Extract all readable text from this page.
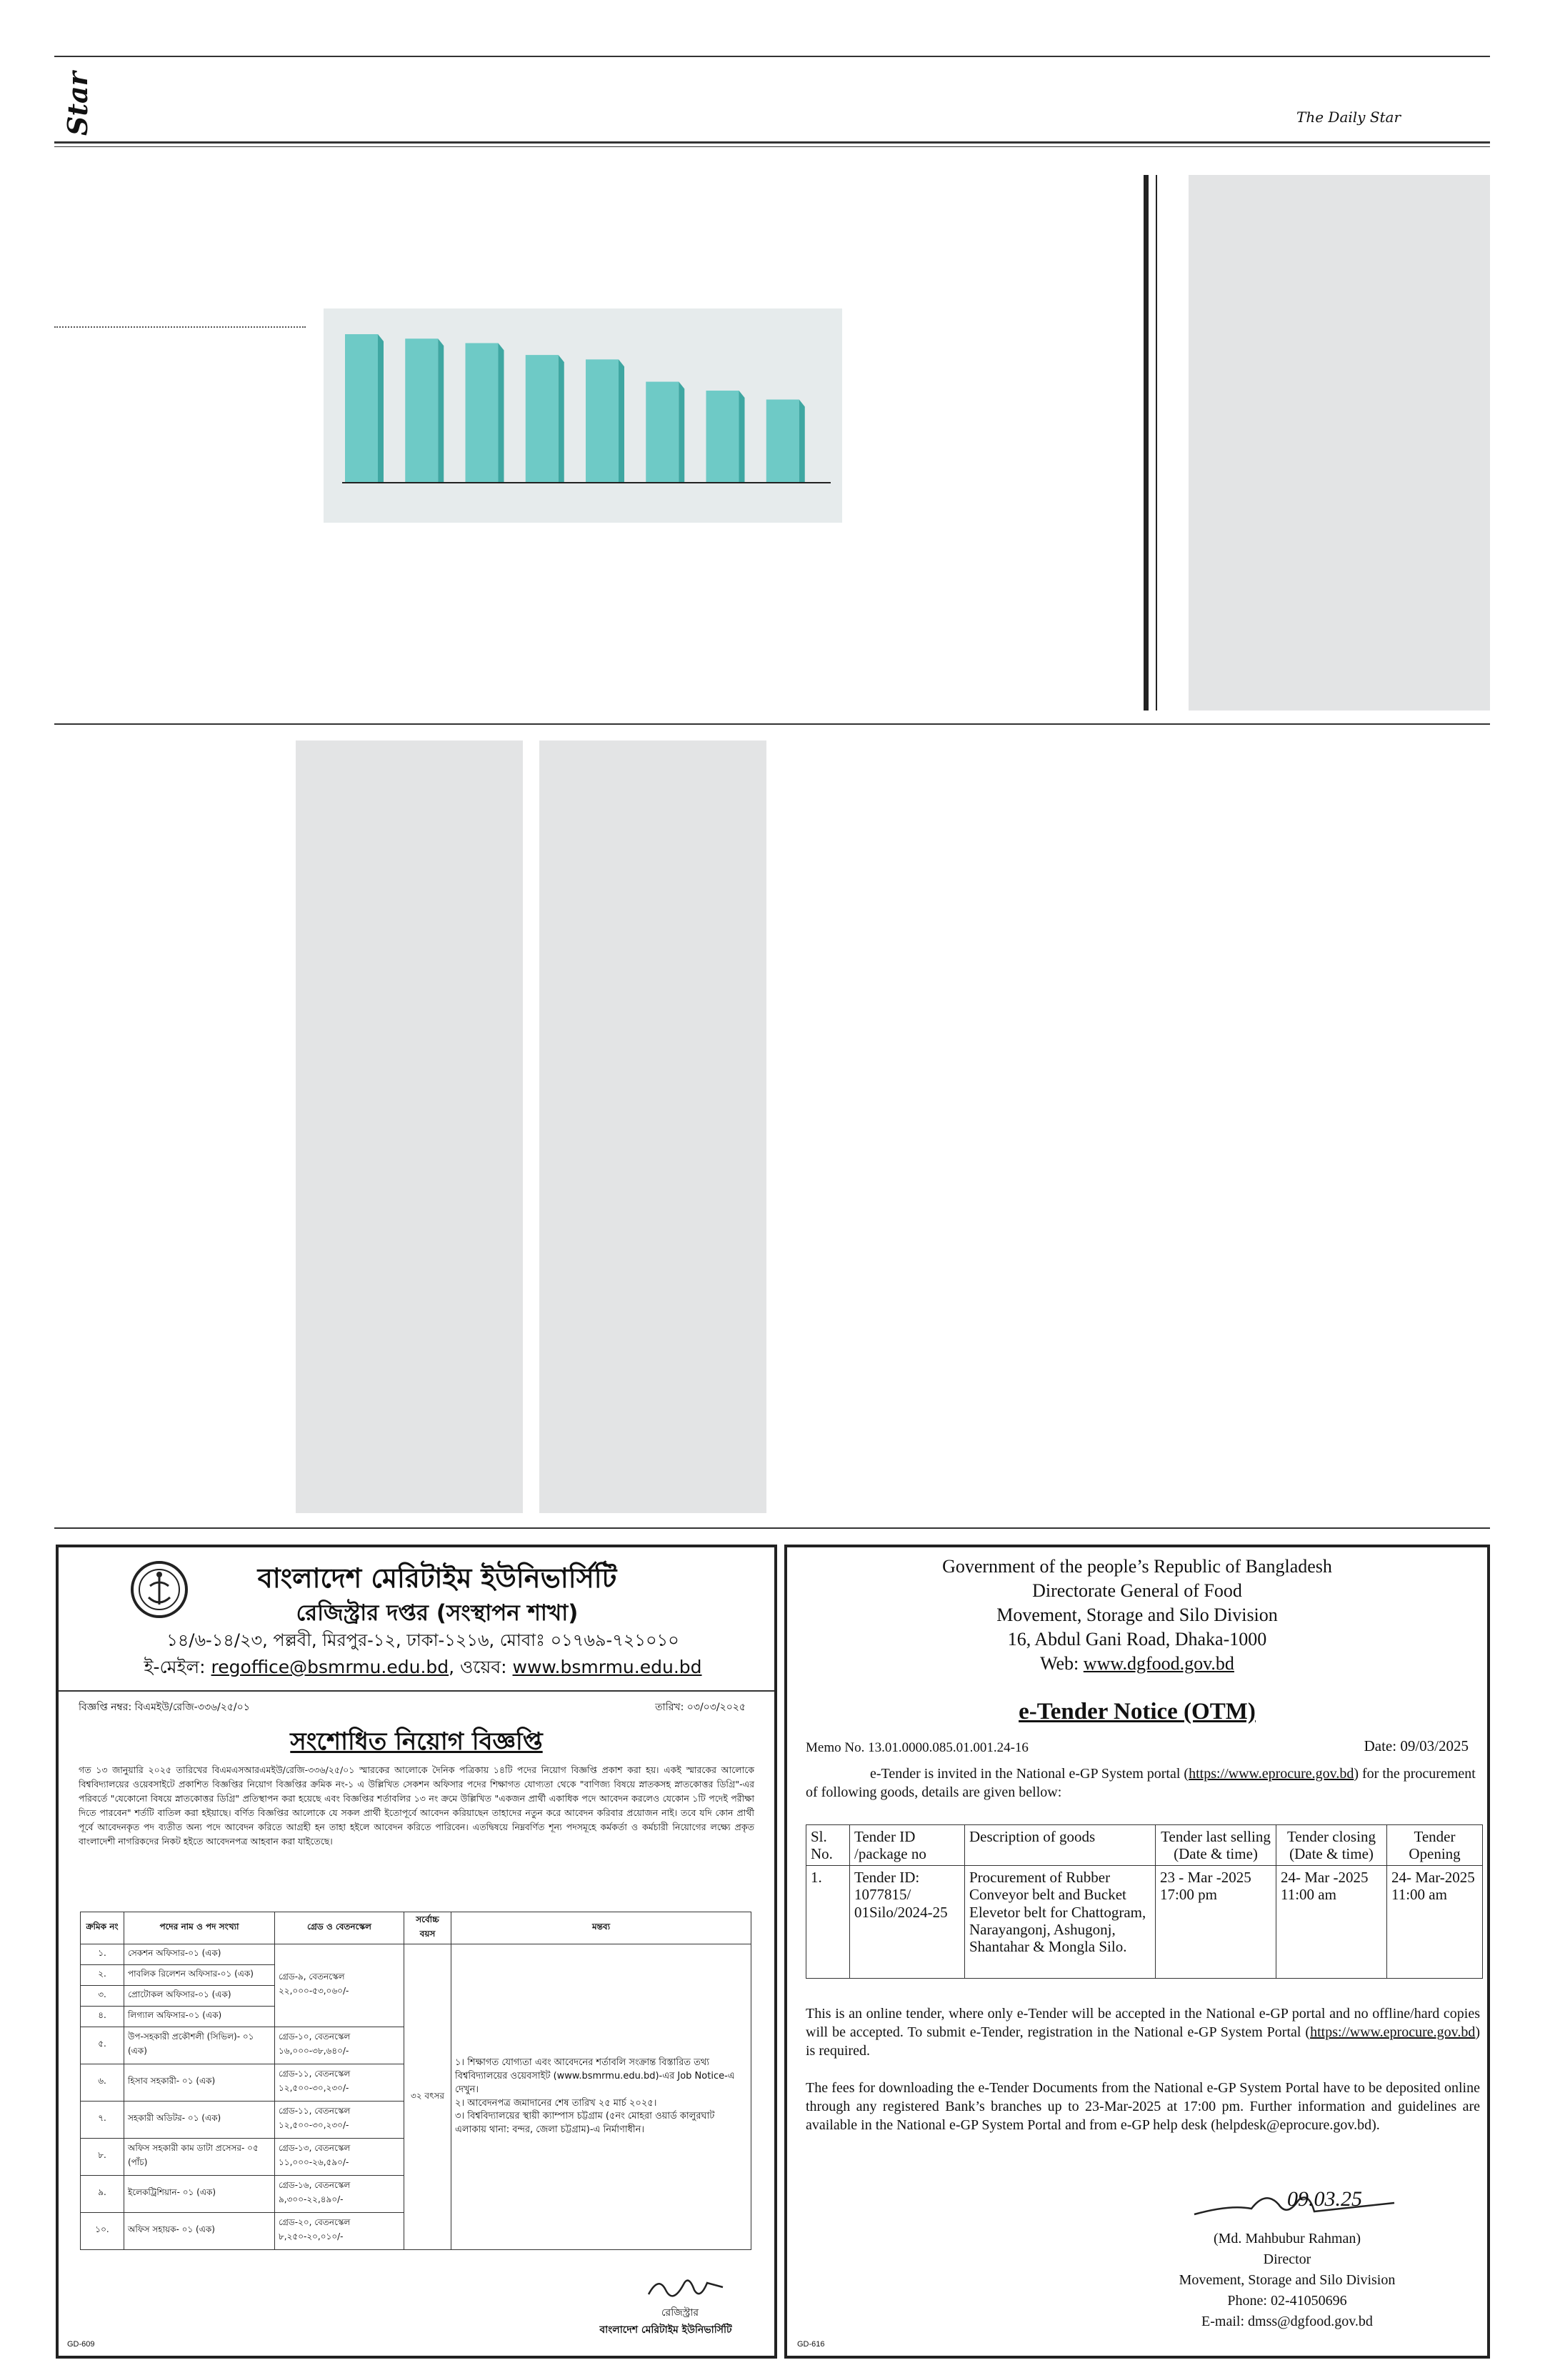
Star	The Daily Star
বাংলাদেশ মেরিটাইম ইউনিভার্সিটি
রেজিস্ট্রার দপ্তর (সংস্থাপন শাখা)
১৪/৬-১৪/২৩, পল্লবী, মিরপুর-১২, ঢাকা-১২১৬, মোবাঃ ০১৭৬৯-৭২১০১০
ই-মেইল: regoffice@bsmrmu.edu.bd, ওয়েব: www.bsmrmu.edu.bd
বিজ্ঞপ্তি নম্বর: বিএমইউ/রেজি-৩৩৬/২৫/০১	তারিখ: ০৩/০৩/২০২৫
সংশোধিত নিয়োগ বিজ্ঞপ্তি
গত ১৩ জানুয়ারি ২০২৫ তারিখের বিএমএসআরএমইউ/রেজি-৩৩৬/২৫/০১ স্মারকের আলোকে দৈনিক পত্রিকায় ১৪টি পদের নিয়োগ বিজ্ঞপ্তি প্রকাশ করা হয়। একই স্মারকের আলোকে বিশ্ববিদ্যালয়ের ওয়েবসাইটে প্রকাশিত বিজ্ঞপ্তির নিয়োগ বিজ্ঞপ্তির ক্রমিক নং-১ এ উল্লিখিত সেকশন অফিসার পদের শিক্ষাগত যোগ্যতা থেকে "বাণিজ্য বিষয়ে স্নাতকসহ স্নাতকোত্তর ডিগ্রি"-এর পরিবর্তে "যেকোনো বিষয়ে স্নাতকোত্তর ডিগ্রি" প্রতিস্থাপন করা হয়েছে এবং বিজ্ঞপ্তির শর্তাবলির ১৩ নং ক্রমে উল্লিখিত "একজন প্রার্থী একাধিক পদে আবেদন করলেও যেকোন ১টি পদেই পরীক্ষা দিতে পারবেন" শর্তটি বাতিল করা হইয়াছে। বর্ণিত বিজ্ঞপ্তির আলোকে যে সকল প্রার্থী ইতোপূর্বে আবেদন করিয়াছেন তাহাদের নতুন করে আবেদন করিবার প্রয়োজন নাই। তবে যদি কোন প্রার্থী পূর্বে আবেদনকৃত পদ ব্যতীত অন্য পদে আবেদন করিতে আগ্রহী হন তাহা হইলে আবেদন করিতে পারিবেন। এতদ্বিষয়ে নিম্নবর্ণিত শূন্য পদসমূহে কর্মকর্তা ও কর্মচারী নিয়োগের লক্ষ্যে প্রকৃত বাংলাদেশী নাগরিকদের নিকট হইতে আবেদনপত্র আহবান করা যাইতেছে।
ক্রমিক নং	পদের নাম ও পদ সংখ্যা	গ্রেড ও বেতনস্কেল	সর্বোচ্চ বয়স	মন্তব্য
১.	সেকশন অফিসার-০১ (এক)	গ্রেড-৯, বেতনস্কেল ২২,০০০-৫৩,০৬০/-	৩২ বৎসর	১। শিক্ষাগত যোগ্যতা এবং আবেদনের শর্তাবলি সংক্রান্ত বিস্তারিত তথ্য বিশ্ববিদ্যালয়ের ওয়েবসাইট (www.bsmrmu.edu.bd)-এর Job Notice-এ দেখুন।
২। আবেদনপত্র জমাদানের শেষ তারিখ ২৫ মার্চ ২০২৫।
৩। বিশ্ববিদ্যালয়ের স্থায়ী ক্যাম্পাস চট্টগ্রাম (৫নং মোহরা ওয়ার্ড কালুরঘাট এলাকায় থানা: বন্দর, জেলা চট্টগ্রাম)-এ নির্মাণাধীন।

২.	পাবলিক রিলেশন অফিসার-০১ (এক)			
৩.	প্রোটোকল অফিসার-০১ (এক)			
৪.	লিগ্যাল অফিসার-০১ (এক)			
৫.	উপ-সহকারী প্রকৌশলী (সিভিল)- ০১ (এক)	গ্রেড-১০, বেতনস্কেল ১৬,০০০-৩৮,৬৪০/-		
৬.	হিসাব সহকারী- ০১ (এক)	গ্রেড-১১, বেতনস্কেল ১২,৫০০-৩০,২৩০/-		
৭.	সহকারী অডিটর- ০১ (এক)	গ্রেড-১১, বেতনস্কেল ১২,৫০০-৩০,২৩০/-		
৮.	অফিস সহকারী কাম ডাটা প্রসেসর- ০৫ (পাঁচ)	গ্রেড-১৩, বেতনস্কেল ১১,০০০-২৬,৫৯০/-		
৯.	ইলেকট্রিশিয়ান- ০১ (এক)	গ্রেড-১৬, বেতনস্কেল ৯,৩০০-২২,৪৯০/-		
১০.	অফিস সহায়ক- ০১ (এক)	গ্রেড-২০, বেতনস্কেল ৮,২৫০-২০,০১০/-		
রেজিস্ট্রার
বাংলাদেশ মেরিটাইম ইউনিভার্সিটি
GD-609
Government of the people’s Republic of Bangladesh
Directorate General of Food
Movement, Storage and Silo Division
16, Abdul Gani Road, Dhaka-1000
Web: www.dgfood.gov.bd
e-Tender Notice (OTM)
Memo No. 13.01.0000.085.01.001.24-16	Date: 09/03/2025
e-Tender is invited in the National e-GP System portal (https://www.eprocure.gov.bd) for the procurement of following goods, details are given bellow:
Sl. No.	Tender ID /package no	Description of goods	Tender last selling (Date & time)	Tender closing (Date & time)	Tender Opening
1.	Tender ID: 1077815/ 01Silo/2024-25	Procurement of Rubber Conveyor belt and Bucket Elevetor belt for Chattogram, Narayangonj, Ashugonj, Shantahar & Mongla Silo.	23 - Mar -2025 17:00 pm	24- Mar -2025 11:00 am	24- Mar-2025 11:00 am
This is an online tender, where only e-Tender will be accepted in the National e-GP portal and no offline/hard copies will be accepted. To submit e-Tender, registration in the National e-GP System Portal (https://www.eprocure.gov.bd) is required.
The fees for downloading the e-Tender Documents from the National e-GP System Portal have to be deposited online through any registered Bank’s branches up to 23-Mar-2025 at 17:00 pm. Further information and guidelines are available in the National e-GP System Portal and from e-GP help desk (helpdesk@eprocure.gov.bd).
09.03.25
(Md. Mahbubur Rahman)
Director
Movement, Storage and Silo Division
Phone: 02-41050696
E-mail: dmss@dgfood.gov.bd
GD-616
